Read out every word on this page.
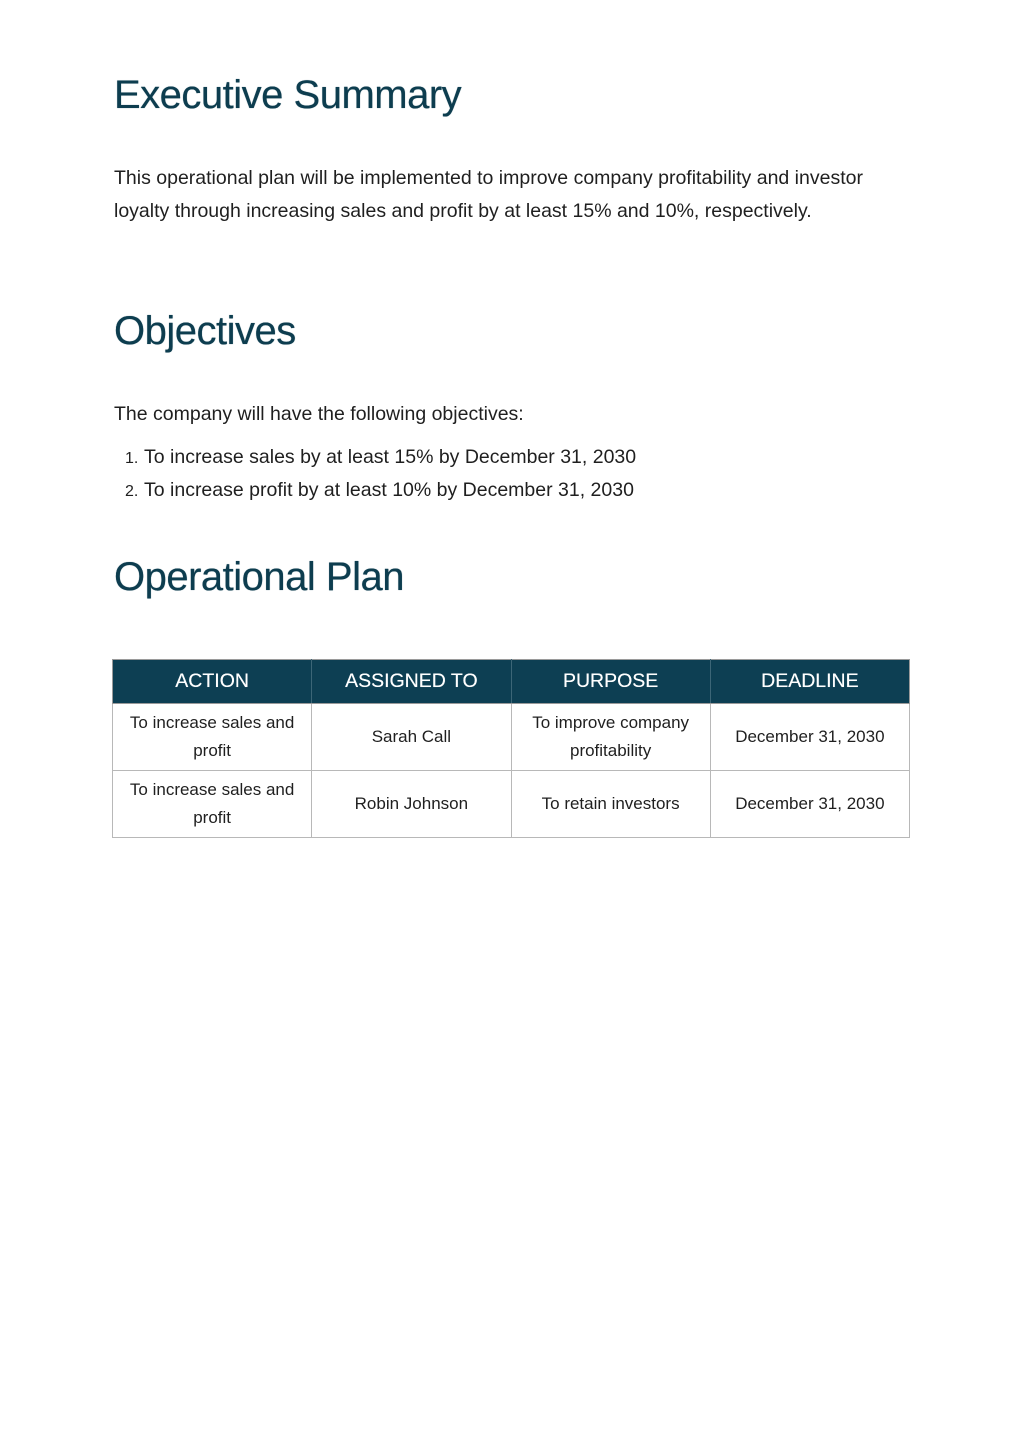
Executive Summary

This operational plan will be implemented to improve company profitability and investor loyalty through increasing sales and profit by at least 15% and 10%, respectively.

Objectives

The company will have the following objectives:

1. To increase sales by at least 15% by December 31, 2030
2. To increase profit by at least 10% by December 31, 2030
Operational Plan
ACTION	ASSIGNED TO	PURPOSE	DEADLINE
To increase sales and profit	Sarah Call	To improve company profitability	December 31, 2030
To increase sales and profit	Robin Johnson	To retain investors	December 31, 2030
